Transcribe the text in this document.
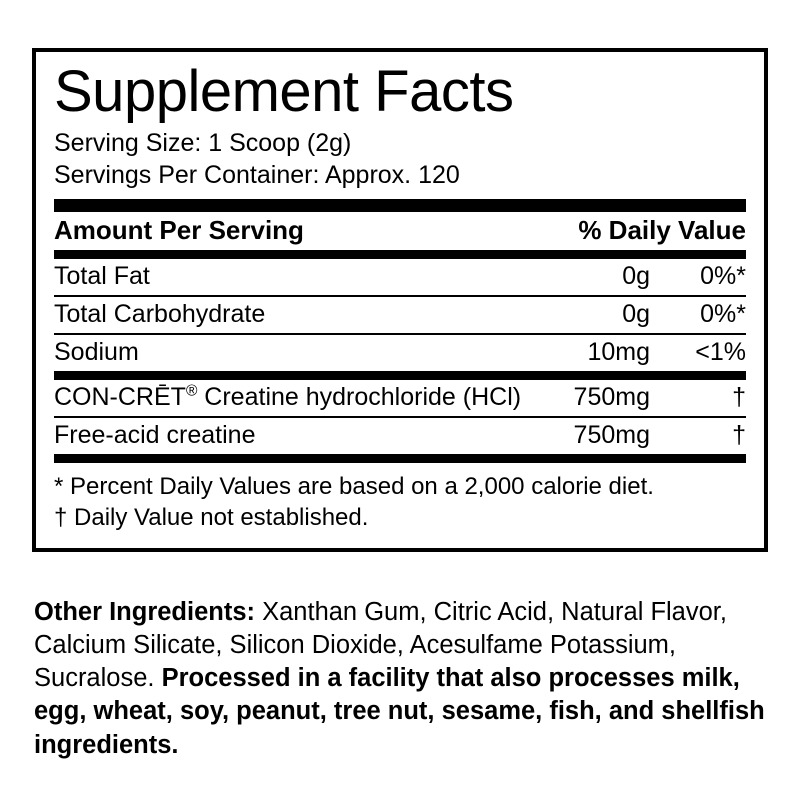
Supplement Facts
Serving Size: 1 Scoop (2g)
Servings Per Container: Approx. 120
Amount Per Serving		% Daily Value
Total Fat	0g	0%*
Total Carbohydrate	0g	0%*
Sodium	10mg	<1%
CON-CRĒT® Creatine hydrochloride (HCl)	750mg	†
Free-acid creatine	750mg	†
* Percent Daily Values are based on a 2,000 calorie diet.
† Daily Value not established.
Other Ingredients: Xanthan Gum, Citric Acid, Natural Flavor, Calcium Silicate, Silicon Dioxide, Acesulfame Potassium, Sucralose. Processed in a facility that also processes milk, egg, wheat, soy, peanut, tree nut, sesame, fish, and shellfish ingredients.
